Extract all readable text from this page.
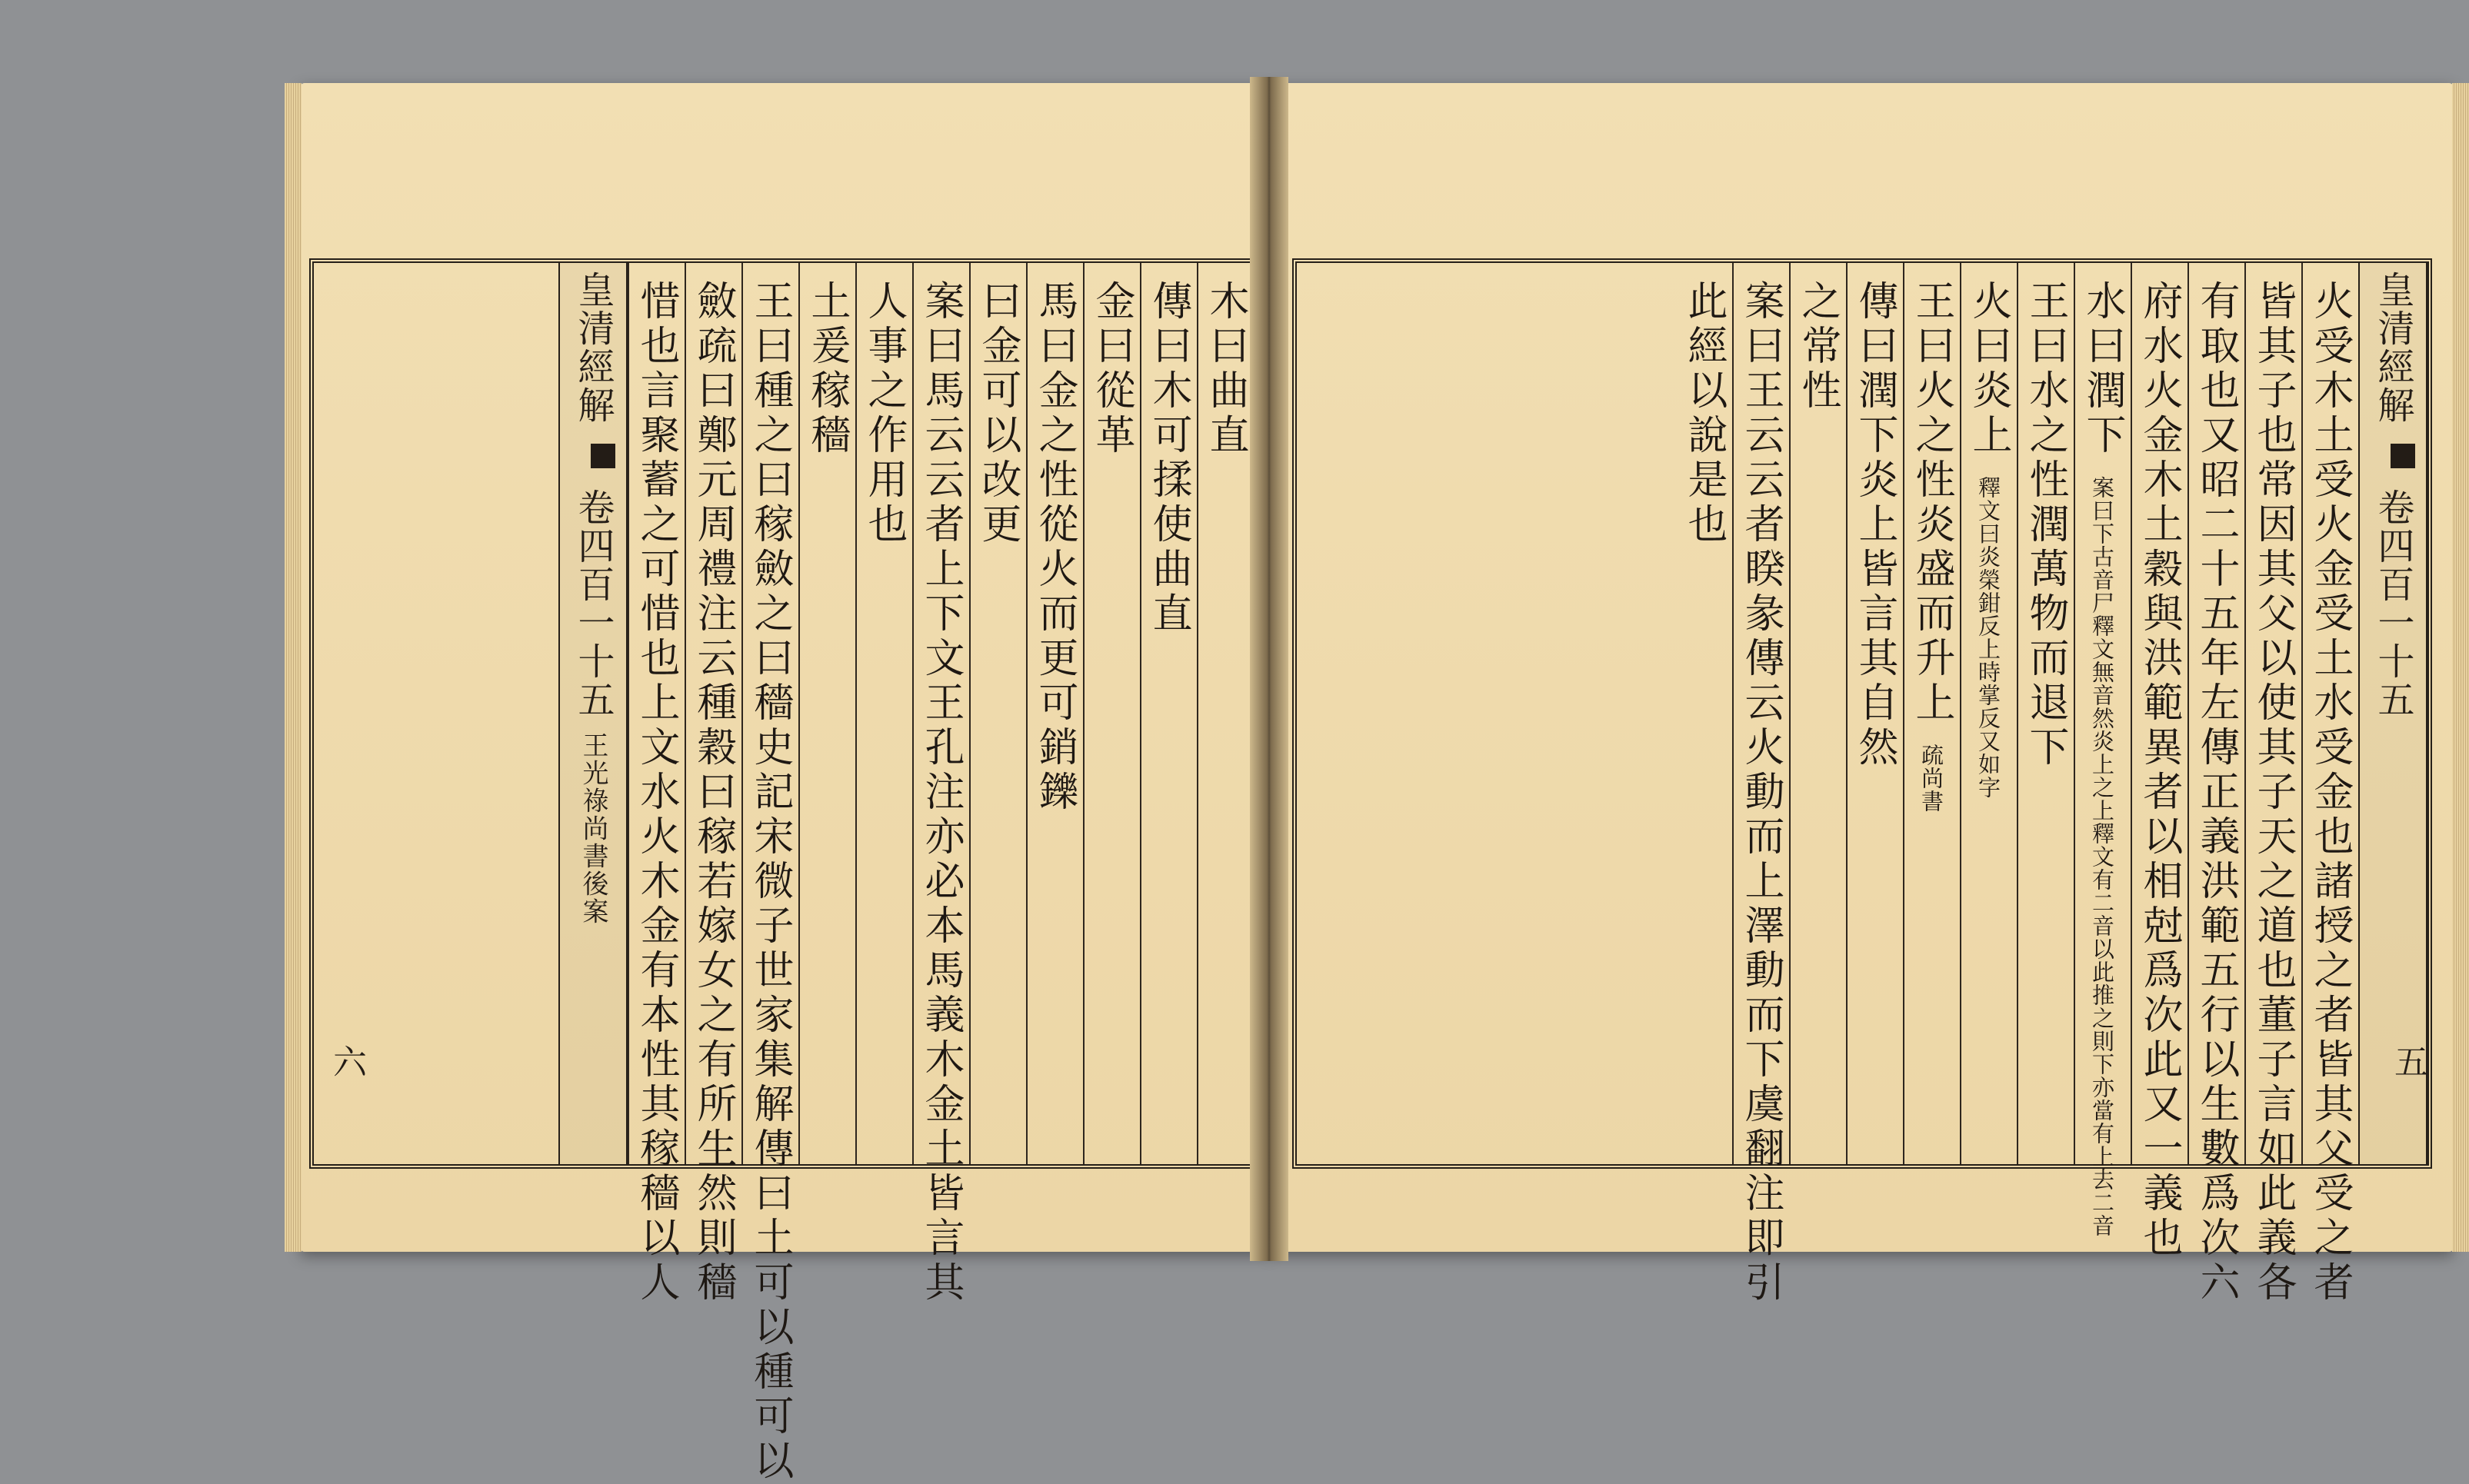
木曰曲直
傳曰木可揉使曲直
金曰從革
馬曰金之性從火而更可銷鑠
曰金可以改更
案曰馬云云者上下文王孔注亦必本馬義木金土皆言其
人事之作用也
土爰稼穡
王曰種之曰稼斂之曰穡史記宋微子世家集解傳曰土可以種可以
斂疏曰鄭元周禮注云種穀曰稼若嫁女之有所生然則穡
惜也言聚蓄之可惜也上文水火木金有本性其稼穡以人
皇清經解  卷四百一十五 王光祿尚書後案
六
皇清經解  卷四百一十五
火受木土受火金受土水受金也諸授之者皆其父受之者
皆其子也常因其父以使其子天之道也董子言如此義各
有取也又昭二十五年左傳正義洪範五行以生數爲次六
府水火金木土穀與洪範異者以相尅爲次此又一義也
水曰潤下 案曰下古音尸釋文無音然炎上之上釋文有二音以此推之則下亦當有上去二音
王曰水之性潤萬物而退下
火曰炎上 釋文曰炎榮鉗反上時掌反又如字
王曰火之性炎盛而升上 疏尚書
傳曰潤下炎上皆言其自然
之常性
案曰王云云者睽彖傳云火動而上澤動而下虞翻注即引
此經以說是也
五
